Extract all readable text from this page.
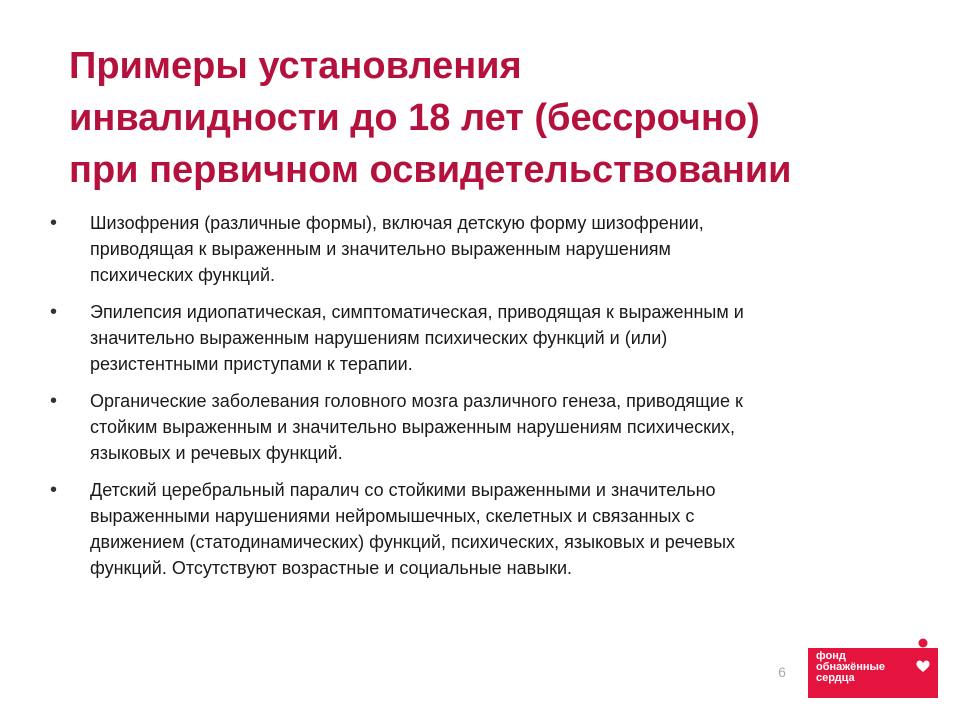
Примеры установления
инвалидности до 18 лет (бессрочно)
при первичном освидетельствовании
•	Шизофрения (различные формы), включая детскую форму шизофрении,
приводящая к выраженным и значительно выраженным нарушениям
психических функций.
•	Эпилепсия идиопатическая, симптоматическая, приводящая к выраженным и
значительно выраженным нарушениям психических функций и (или)
резистентными приступами к терапии.
•	Органические заболевания головного мозга различного генеза, приводящие к
стойким выраженным и значительно выраженным нарушениям психических,
языковых и речевых функций.
•	Детский церебральный паралич со стойкими выраженными и значительно
выраженными нарушениями нейромышечных, скелетных и связанных с
движением (статодинамических) функций, психических, языковых и речевых
функций. Отсутствуют возрастные и социальные навыки.
6
фонд
обнажённые
сердца
